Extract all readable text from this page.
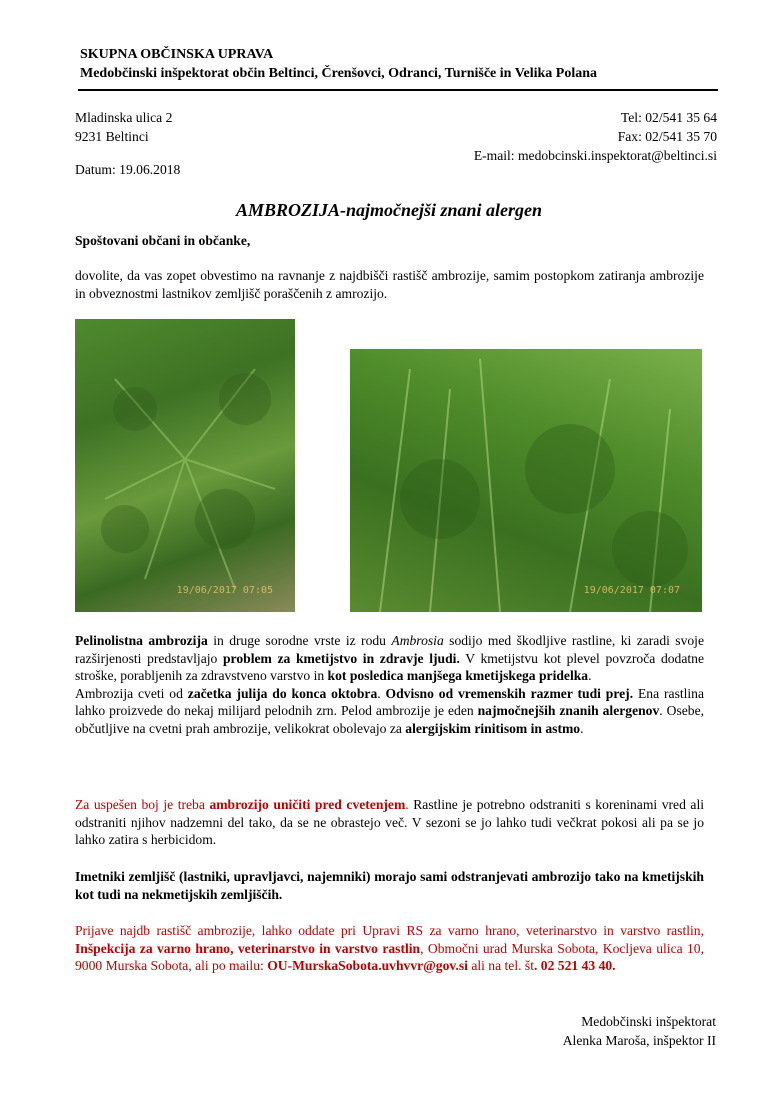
SKUPNA OBČINSKA UPRAVA
Medobčinski inšpektorat občin Beltinci, Črenšovci, Odranci, Turnišče in Velika Polana
Mladinska ulica 2
9231 Beltinci
Tel: 02/541 35 64
Fax: 02/541 35 70
E-mail: medobcinski.inspektorat@beltinci.si
Datum: 19.06.2018
AMBROZIJA-najmočnejši znani alergen
Spoštovani občani in občanke,
dovolite, da vas zopet obvestimo na ravnanje z najdbišči rastišč ambrozije, samim postopkom zatiranja ambrozije in obveznostmi lastnikov zemljišč poraščenih z amrozijo.
19/06/2017 07:05	19/06/2017 07:07
Pelinolistna ambrozija in druge sorodne vrste iz rodu Ambrosia sodijo med škodljive rastline, ki zaradi svoje razširjenosti predstavljajo problem za kmetijstvo in zdravje ljudi. V kmetijstvu kot plevel povzroča dodatne stroške, porabljenih za zdravstveno varstvo in kot posledica manjšega kmetijskega pridelka.
Ambrozija cveti od začetka julija do konca oktobra. Odvisno od vremenskih razmer tudi prej. Ena rastlina lahko proizvede do nekaj milijard pelodnih zrn. Pelod ambrozije je eden najmočnejših znanih alergenov. Osebe, občutljive na cvetni prah ambrozije, velikokrat obolevajo za alergijskim rinitisom in astmo.
Za uspešen boj je treba ambrozijo uničiti pred cvetenjem. Rastline je potrebno odstraniti s koreninami vred ali odstraniti njihov nadzemni del tako, da se ne obrastejo več. V sezoni se jo lahko tudi večkrat pokosi ali pa se jo lahko zatira s herbicidom.
Imetniki zemljišč (lastniki, upravljavci, najemniki) morajo sami odstranjevati ambrozijo tako na kmetijskih kot tudi na nekmetijskih zemljiščih.
Prijave najdb rastišč ambrozije, lahko oddate pri Upravi RS za varno hrano, veterinarstvo in varstvo rastlin, Inšpekcija za varno hrano, veterinarstvo in varstvo rastlin, Območni urad Murska Sobota, Kocljeva ulica 10, 9000 Murska Sobota, ali po mailu: OU-MurskaSobota.uvhvvr@gov.si ali na tel. št. 02 521 43 40.
Medobčinski inšpektorat
Alenka Maroša, inšpektor II
